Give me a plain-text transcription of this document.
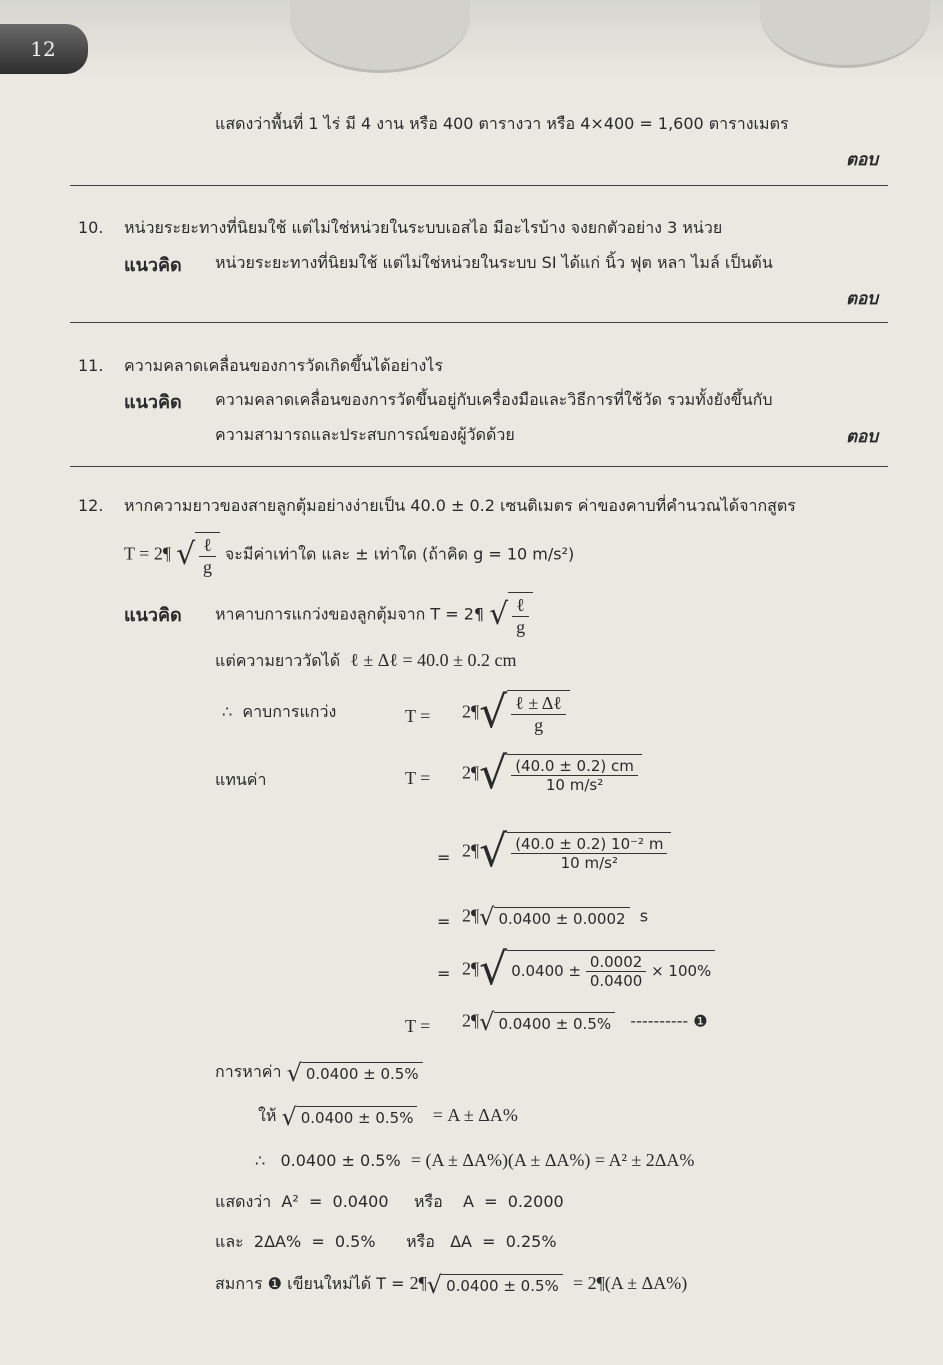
12
แสดงว่าพื้นที่ 1 ไร่ มี 4 งาน หรือ 400 ตารางวา หรือ 4×400 = 1,600 ตารางเมตร
ตอบ
10. หน่วยระยะทางที่นิยมใช้ แต่ไม่ใช่หน่วยในระบบเอสไอ มีอะไรบ้าง จงยกตัวอย่าง 3 หน่วย
แนวคิด หน่วยระยะทางที่นิยมใช้ แต่ไม่ใช่หน่วยในระบบ SI ได้แก่ นิ้ว ฟุต หลา ไมล์ เป็นต้น
ตอบ
11. ความคลาดเคลื่อนของการวัดเกิดขึ้นได้อย่างไร
แนวคิด ความคลาดเคลื่อนของการวัดขึ้นอยู่กับเครื่องมือและวิธีการที่ใช้วัด รวมทั้งยังขึ้นกับ
ความสามารถและประสบการณ์ของผู้วัดด้วย	ตอบ
12. หากความยาวของสายลูกตุ้มอย่างง่ายเป็น 40.0 ± 0.2 เซนติเมตร ค่าของคาบที่คำนวณได้จากสูตร
T = 2¶ √ ℓ
g
จะมีค่าเท่าใด และ ± เท่าใด (ถ้าคิด g = 10 m/s²)
แนวคิด หาคาบการแกว่งของลูกตุ้มจาก T = 2¶ √ ℓ
g
แต่ความยาววัดได้ ℓ ± Δℓ = 40.0 ± 0.2 cm
∴ คาบการแกว่ง	T = 2¶ √ ℓ ± Δℓ
g
แทนค่า	T = 2¶ √ $\frac{(40.0 \pm 0.2) cm}{\text{10 m/s²}}$
= 2¶ √ $\frac{\text{(40.0 ± 0.2) 10⁻² m}}{\text{10 m/s²}}$
= 2¶ √ 0.0400 ± 0.0002 s
= 2¶ √ $0.0400 \pm \frac{0.0002}{0.0400} \times 100\%$
T = 2¶ √ 0.0400 ± 0.5% ---------- ❶
การหาค่า √ 0.0400 ± 0.5%
ให้ √ 0.0400 ± 0.5% = A ± ΔA%
∴ 0.0400 ± 0.5% = (A ± ΔA%)(A ± ΔA%) = A² ± 2ΔA%
แสดงว่า  A²  =  0.0400     หรือ    A  =  0.2000
และ  2ΔA%  =  0.5%      หรือ   ΔA  =  0.25%
สมการ ❶ เขียนใหม่ได้ T = 2¶ √ 0.0400 ± 0.5% = 2¶(A ± ΔA%)
